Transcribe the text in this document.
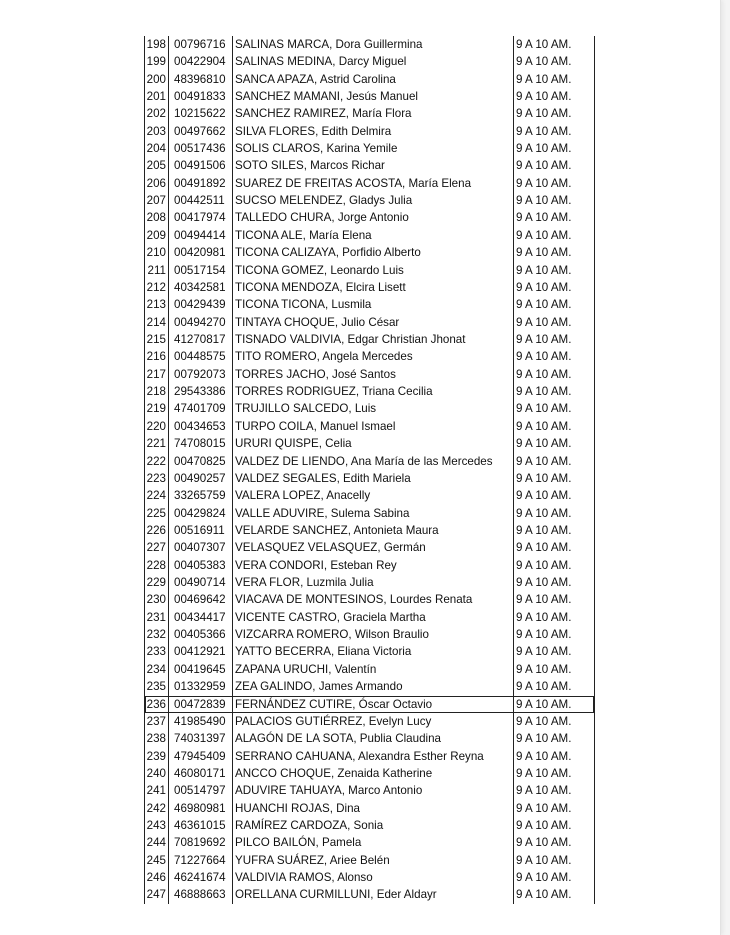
198 00796716 SALINAS MARCA, Dora Guillermina	9 A 10 AM.
199 00422904 SALINAS MEDINA, Darcy Miguel	9 A 10 AM.
200 48396810 SANCA APAZA, Astrid Carolina	9 A 10 AM.
201 00491833 SANCHEZ MAMANI, Jesús Manuel	9 A 10 AM.
202 10215622 SANCHEZ RAMIREZ, María Flora	9 A 10 AM.
203 00497662 SILVA FLORES, Edith Delmira	9 A 10 AM.
204 00517436 SOLIS CLAROS, Karina Yemile	9 A 10 AM.
205 00491506 SOTO SILES, Marcos Richar	9 A 10 AM.
206 00491892 SUAREZ DE FREITAS ACOSTA, María Elena	9 A 10 AM.
207 00442511 SUCSO MELENDEZ, Gladys Julia	9 A 10 AM.
208 00417974 TALLEDO CHURA, Jorge Antonio	9 A 10 AM.
209 00494414 TICONA ALE, María Elena	9 A 10 AM.
210 00420981 TICONA CALIZAYA, Porfidio Alberto	9 A 10 AM.
211 00517154 TICONA GOMEZ, Leonardo Luis	9 A 10 AM.
212 40342581 TICONA MENDOZA, Elcira Lisett	9 A 10 AM.
213 00429439 TICONA TICONA, Lusmila	9 A 10 AM.
214 00494270 TINTAYA CHOQUE, Julio César	9 A 10 AM.
215 41270817 TISNADO VALDIVIA, Edgar Christian Jhonat	9 A 10 AM.
216 00448575 TITO ROMERO, Angela Mercedes	9 A 10 AM.
217 00792073 TORRES JACHO, José Santos	9 A 10 AM.
218 29543386 TORRES RODRIGUEZ, Triana Cecilia	9 A 10 AM.
219 47401709 TRUJILLO SALCEDO, Luis	9 A 10 AM.
220 00434653 TURPO COILA, Manuel Ismael	9 A 10 AM.
221 74708015 URURI QUISPE, Celia	9 A 10 AM.
222 00470825 VALDEZ DE LIENDO, Ana María de las Mercedes	9 A 10 AM.
223 00490257 VALDEZ SEGALES, Edith Mariela	9 A 10 AM.
224 33265759 VALERA LOPEZ, Anacelly	9 A 10 AM.
225 00429824 VALLE ADUVIRE, Sulema Sabina	9 A 10 AM.
226 00516911 VELARDE SANCHEZ, Antonieta Maura	9 A 10 AM.
227 00407307 VELASQUEZ VELASQUEZ, Germán	9 A 10 AM.
228 00405383 VERA CONDORI, Esteban Rey	9 A 10 AM.
229 00490714 VERA FLOR, Luzmila Julia	9 A 10 AM.
230 00469642 VIACAVA DE MONTESINOS, Lourdes Renata	9 A 10 AM.
231 00434417 VICENTE CASTRO, Graciela Martha	9 A 10 AM.
232 00405366 VIZCARRA ROMERO, Wilson Braulio	9 A 10 AM.
233 00412921 YATTO BECERRA, Eliana Victoria	9 A 10 AM.
234 00419645 ZAPANA URUCHI, Valentín	9 A 10 AM.
235 01332959 ZEA GALINDO, James Armando	9 A 10 AM.
236 00472839 FERNÁNDEZ CUTIRE, Óscar Octavio	9 A 10 AM.
237 41985490 PALACIOS GUTIÉRREZ, Evelyn Lucy	9 A 10 AM.
238 74031397 ALAGÓN DE LA SOTA, Publia Claudina	9 A 10 AM.
239 47945409 SERRANO CAHUANA, Alexandra Esther Reyna	9 A 10 AM.
240 46080171 ANCCO CHOQUE, Zenaida Katherine	9 A 10 AM.
241 00514797 ADUVIRE TAHUAYA, Marco Antonio	9 A 10 AM.
242 46980981 HUANCHI ROJAS, Dina	9 A 10 AM.
243 46361015 RAMÍREZ CARDOZA, Sonia	9 A 10 AM.
244 70819692 PILCO BAILÓN, Pamela	9 A 10 AM.
245 71227664 YUFRA SUÁREZ, Ariee Belén	9 A 10 AM.
246 46241674 VALDIVIA RAMOS, Alonso	9 A 10 AM.
247 46888663 ORELLANA CURMILLUNI, Eder Aldayr	9 A 10 AM.
